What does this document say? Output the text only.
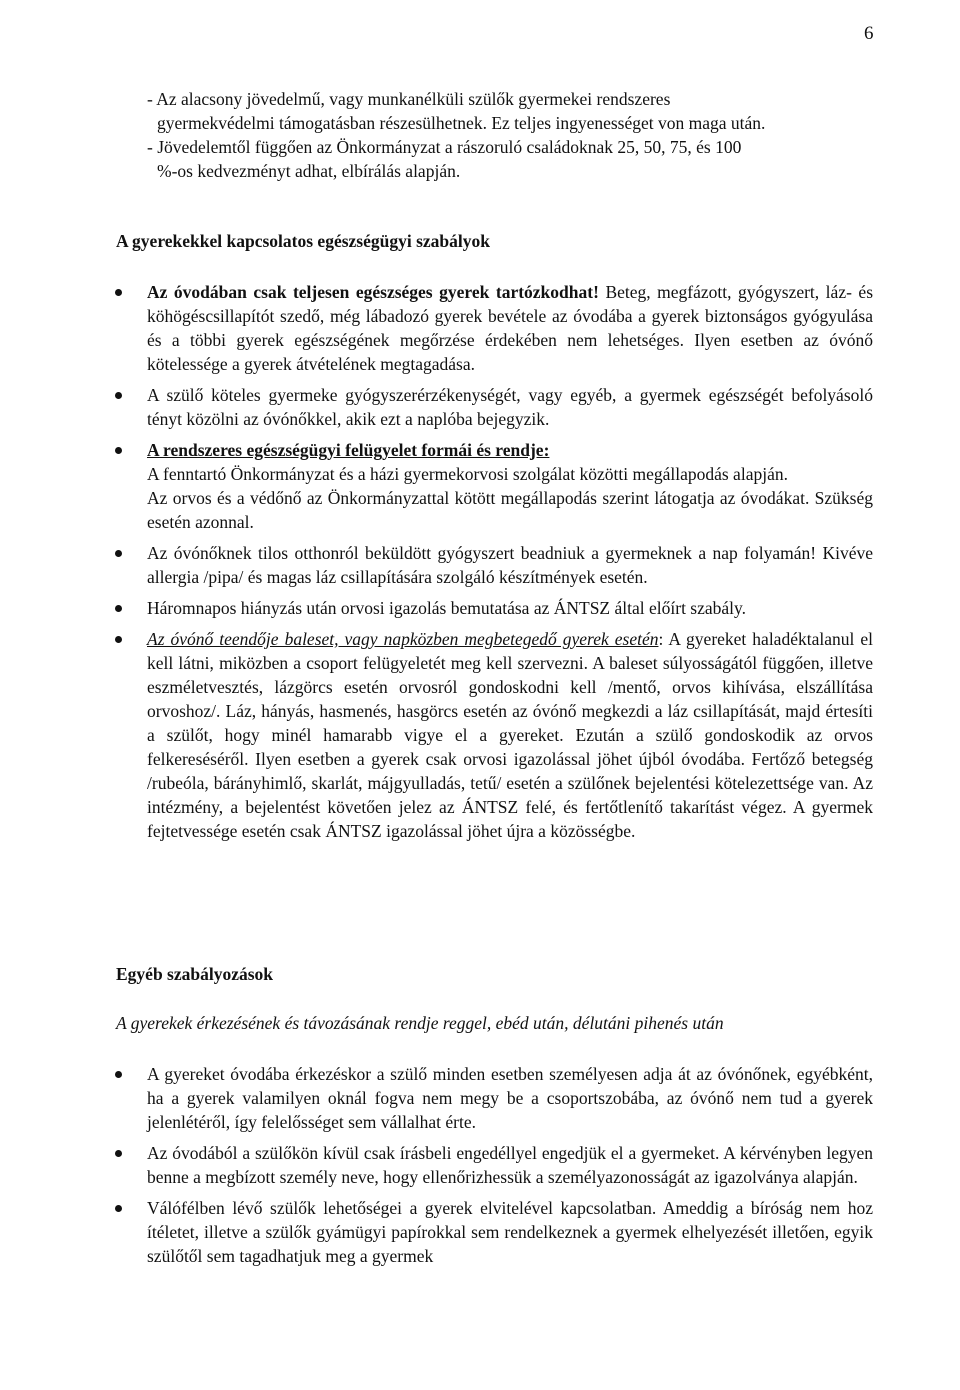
6

- Az alacsony jövedelmű, vagy munkanélküli szülők gyermekei rendszeres

gyermekvédelmi támogatásban részesülhetnek. Ez teljes ingyenességet von maga után.

- Jövedelemtől függően az Önkormányzat a rászoruló családoknak 25, 50, 75, és 100

%-os kedvezményt adhat, elbírálás alapján.

A gyerekekkel kapcsolatos egészségügyi szabályok

Az óvodában csak teljesen egészséges gyerek tartózkodhat! Beteg, megfázott, gyógyszert, láz- és köhögéscsillapítót szedő, még lábadozó gyerek bevétele az óvodába a gyerek biztonságos gyógyulása és a többi gyerek egészségének megőrzése érdekében nem lehetséges. Ilyen esetben az óvónő kötelessége a gyerek átvételének megtagadása.

A szülő köteles gyermeke gyógyszerérzékenységét, vagy egyéb, a gyermek egészségét befolyásoló tényt közölni az óvónőkkel, akik ezt a naplóba bejegyzik.

A rendszeres egészségügyi felügyelet formái és rendje:

A fenntartó Önkormányzat és a házi gyermekorvosi szolgálat közötti megállapodás alapján.

Az orvos és a védőnő az Önkormányzattal kötött megállapodás szerint látogatja az óvodákat. Szükség esetén azonnal.

Az óvónőknek tilos otthonról beküldött gyógyszert beadniuk a gyermeknek a nap folyamán! Kivéve allergia /pipa/ és magas láz csillapítására szolgáló készítmények esetén.

Háromnapos hiányzás után orvosi igazolás bemutatása az ÁNTSZ által előírt szabály.

Az óvónő teendője baleset, vagy napközben megbetegedő gyerek esetén: A gyereket haladéktalanul el kell látni, miközben a csoport felügyeletét meg kell szervezni. A baleset súlyosságától függően, illetve eszméletvesztés, lázgörcs esetén orvosról gondoskodni kell /mentő, orvos kihívása, elszállítása orvoshoz/. Láz, hányás, hasmenés, hasgörcs esetén az óvónő megkezdi a láz csillapítását, majd értesíti a szülőt, hogy minél hamarabb vigye el a gyereket. Ezután a szülő gondoskodik az orvos felkereséséről. Ilyen esetben a gyerek csak orvosi igazolással jöhet újból óvodába. Fertőző betegség /rubeóla, bárányhimlő, skarlát, májgyulladás, tetű/ esetén a szülőnek bejelentési kötelezettsége van. Az intézmény, a bejelentést követően jelez az ÁNTSZ felé, és fertőtlenítő takarítást végez. A gyermek fejtetvessége esetén csak ÁNTSZ igazolással jöhet újra a közösségbe.

Egyéb szabályozások
A gyerekek érkezésének és távozásának rendje reggel, ebéd után, délutáni pihenés után

A gyereket óvodába érkezéskor a szülő minden esetben személyesen adja át az óvónőnek, egyébként, ha a gyerek valamilyen oknál fogva nem megy be a csoportszobába, az óvónő nem tud a gyerek jelenlétéről, így felelősséget sem vállalhat érte.

Az óvodából a szülőkön kívül csak írásbeli engedéllyel engedjük el a gyermeket. A kérvényben legyen benne a megbízott személy neve, hogy ellenőrizhessük a személyazonosságát az igazolványa alapján.

Válófélben lévő szülők lehetőségei a gyerek elvitelével kapcsolatban. Ameddig a bíróság nem hoz ítéletet, illetve a szülők gyámügyi papírokkal sem rendelkeznek a gyermek elhelyezését illetően, egyik szülőtől sem tagadhatjuk meg a gyermek
